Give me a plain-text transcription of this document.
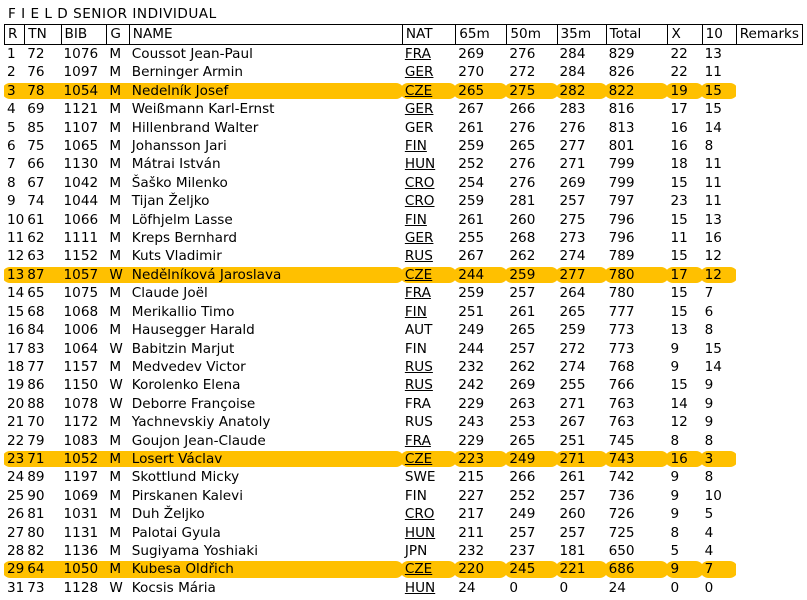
F I E L D SENIOR INDIVIDUAL
R	TN	BIB	G	NAME	NAT	65m	50m	35m	Total	X	10	Remarks
1	72	1076	M	Coussot Jean-Paul	FRA	269	276	284	829	22	13	
2	76	1097	M	Berninger Armin	GER	270	272	284	826	22	11	
3	78	1054	M	Nedelník Josef	CZE	265	275	282	822	19	15	
4	69	1121	M	Weißmann Karl-Ernst	GER	267	266	283	816	17	15	
5	85	1107	M	Hillenbrand Walter	GER	261	276	276	813	16	14	
6	75	1065	M	Johansson Jari	FIN	259	265	277	801	16	8	
7	66	1130	M	Mátrai István	HUN	252	276	271	799	18	11	
8	67	1042	M	Šaško Milenko	CRO	254	276	269	799	15	11	
9	74	1044	M	Tijan Željko	CRO	259	281	257	797	23	11	
10	61	1066	M	Löfhjelm Lasse	FIN	261	260	275	796	15	13	
11	62	1111	M	Kreps Bernhard	GER	255	268	273	796	11	16	
12	63	1152	M	Kuts Vladimir	RUS	267	262	274	789	15	12	
13	87	1057	W	Nedělníková Jaroslava	CZE	244	259	277	780	17	12	
14	65	1075	M	Claude Joël	FRA	259	257	264	780	15	7	
15	68	1068	M	Merikallio Timo	FIN	251	261	265	777	15	6	
16	84	1006	M	Hausegger Harald	AUT	249	265	259	773	13	8	
17	83	1064	W	Babitzin Marjut	FIN	244	257	272	773	9	15	
18	77	1157	M	Medvedev Victor	RUS	232	262	274	768	9	14	
19	86	1150	W	Korolenko Elena	RUS	242	269	255	766	15	9	
20	88	1078	W	Deborre Françoise	FRA	229	263	271	763	14	9	
21	70	1172	M	Yachnevskiy Anatoly	RUS	243	253	267	763	12	9	
22	79	1083	M	Goujon Jean-Claude	FRA	229	265	251	745	8	8	
23	71	1052	M	Losert Václav	CZE	223	249	271	743	16	3	
24	89	1197	M	Skottlund Micky	SWE	215	266	261	742	9	8	
25	90	1069	M	Pirskanen Kalevi	FIN	227	252	257	736	9	10	
26	81	1031	M	Duh Željko	CRO	217	249	260	726	9	5	
27	80	1131	M	Palotai Gyula	HUN	211	257	257	725	8	4	
28	82	1136	M	Sugiyama Yoshiaki	JPN	232	237	181	650	5	4	
29	64	1050	M	Kubesa Oldřich	CZE	220	245	221	686	9	7	
31	73	1128	W	Kocsis Mária	HUN	24	0	0	24	0	0	
